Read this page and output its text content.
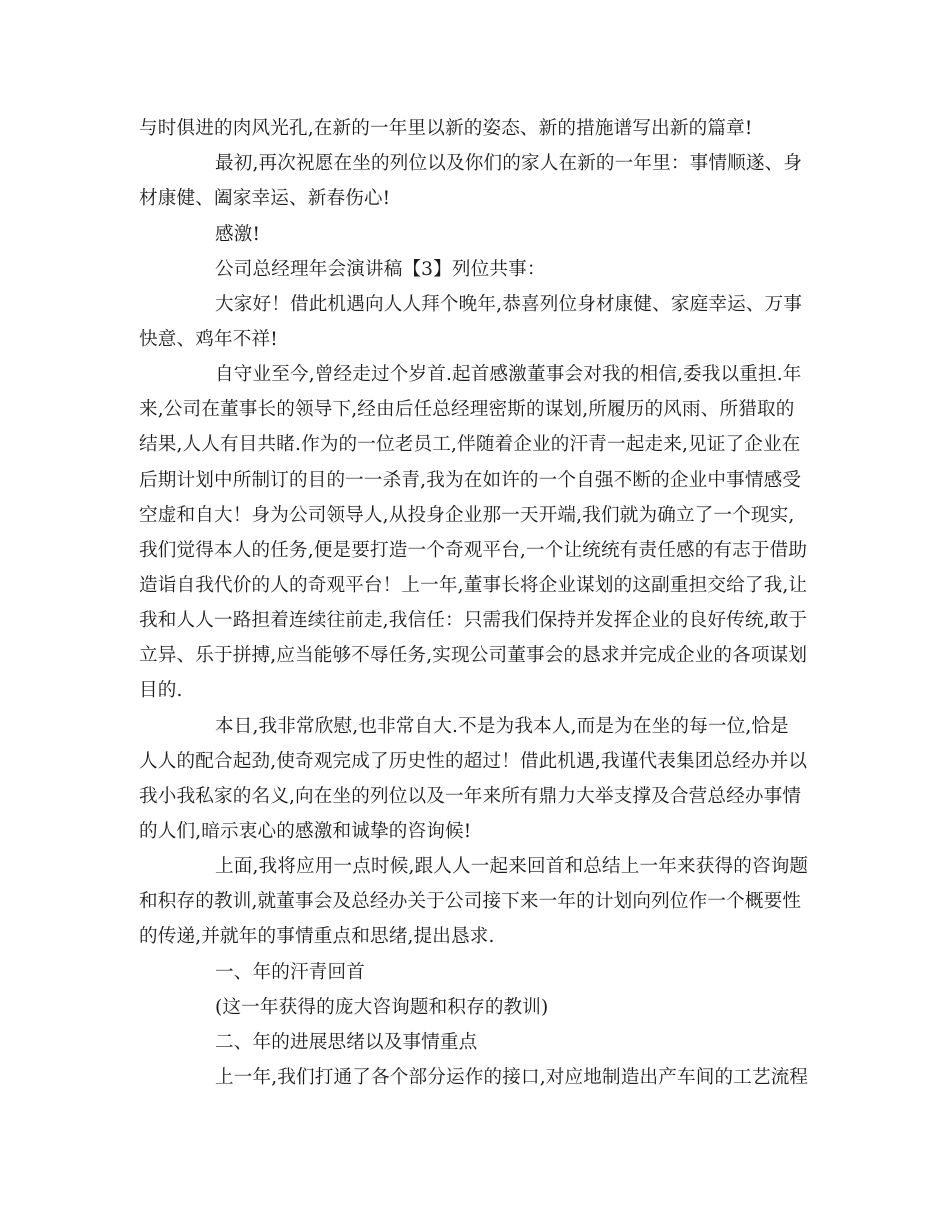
与时俱进的肉风光孔,在新的一年里以新的姿态、新的措施谱写出新的篇章!
最初,再次祝愿在坐的列位以及你们的家人在新的一年里：事情顺遂、身
材康健、阖家幸运、新春伤心!
感激!
公司总经理年会演讲稿【3】列位共事：
大家好！借此机遇向人人拜个晚年,恭喜列位身材康健、家庭幸运、万事
快意、鸡年不祥!
自守业至今,曾经走过个岁首.起首感激董事会对我的相信,委我以重担.年
来,公司在董事长的领导下,经由后任总经理密斯的谋划,所履历的风雨、所猎取的
结果,人人有目共睹.作为的一位老员工,伴随着企业的汗青一起走来,见证了企业在
后期计划中所制订的目的一一杀青,我为在如许的一个自强不断的企业中事情感受
空虚和自大！身为公司领导人,从投身企业那一天开端,我们就为确立了一个现实,
我们觉得本人的任务,便是要打造一个奇观平台,一个让统统有责任感的有志于借助
造诣自我代价的人的奇观平台！上一年,董事长将企业谋划的这副重担交给了我,让
我和人人一路担着连续往前走,我信任：只需我们保持并发挥企业的良好传统,敢于
立异、乐于拼搏,应当能够不辱任务,实现公司董事会的恳求并完成企业的各项谋划
目的.
本日,我非常欣慰,也非常自大.不是为我本人,而是为在坐的每一位,恰是
人人的配合起劲,使奇观完成了历史性的超过！借此机遇,我谨代表集团总经办并以
我小我私家的名义,向在坐的列位以及一年来所有鼎力大举支撑及合营总经办事情
的人们,暗示衷心的感激和诚挚的咨询候!
上面,我将应用一点时候,跟人人一起来回首和总结上一年来获得的咨询题
和积存的教训,就董事会及总经办关于公司接下来一年的计划向列位作一个概要性
的传递,并就年的事情重点和思绪,提出恳求.
一、年的汗青回首
(这一年获得的庞大咨询题和积存的教训)
二、年的进展思绪以及事情重点
上一年,我们打通了各个部分运作的接口,对应地制造出产车间的工艺流程
